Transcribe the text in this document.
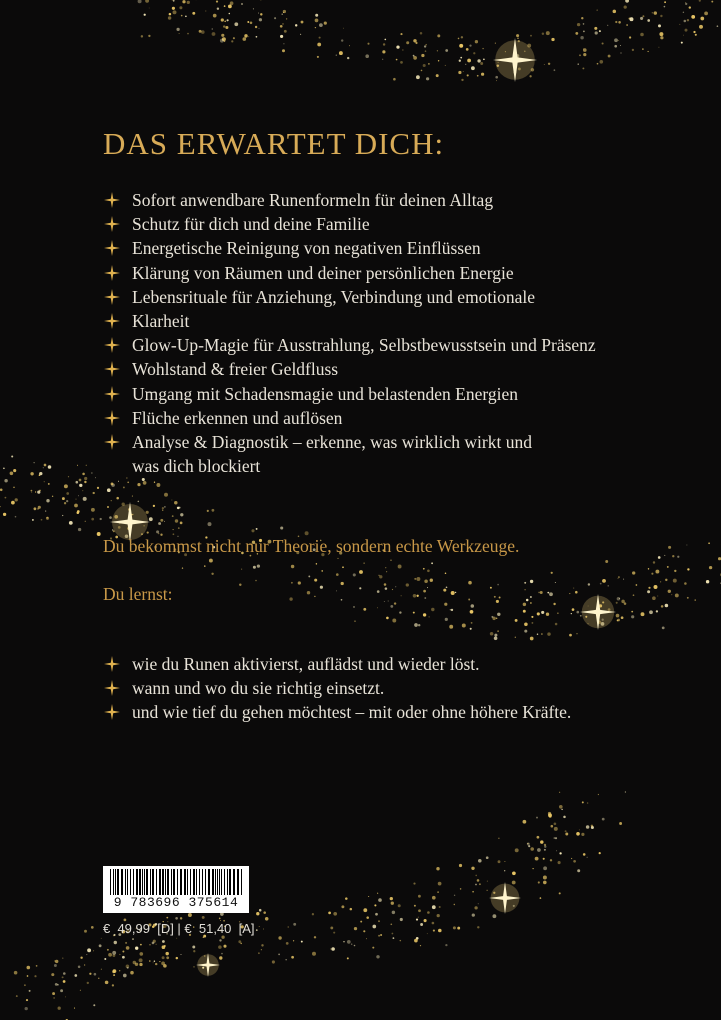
DAS ERWARTET DICH:
Sofort anwendbare Runenformeln für deinen Alltag
Schutz für dich und deine Familie
Energetische Reinigung von negativen Einflüssen
Klärung von Räumen und deiner persönlichen Energie
Lebensrituale für Anziehung, Verbindung und emotionale
Klarheit
Glow-Up-Magie für Ausstrahlung, Selbstbewusstsein und Präsenz
Wohlstand & freier Geldfluss
Umgang mit Schadensmagie und belastenden Energien
Flüche erkennen und auflösen
Analyse & Diagnostik – erkenne, was wirklich wirkt und
was dich blockiert

Du bekommst nicht nur Theorie, sondern echte Werkzeuge.

Du lernst:

wie du Runen aktivierst, auflädst und wieder löst.
wann und wo du sie richtig einsetzt.
und wie tief du gehen möchtest – mit oder ohne höhere Kräfte.
9 783696 375614
€  49,99  [D] | €  51,40  [A]
